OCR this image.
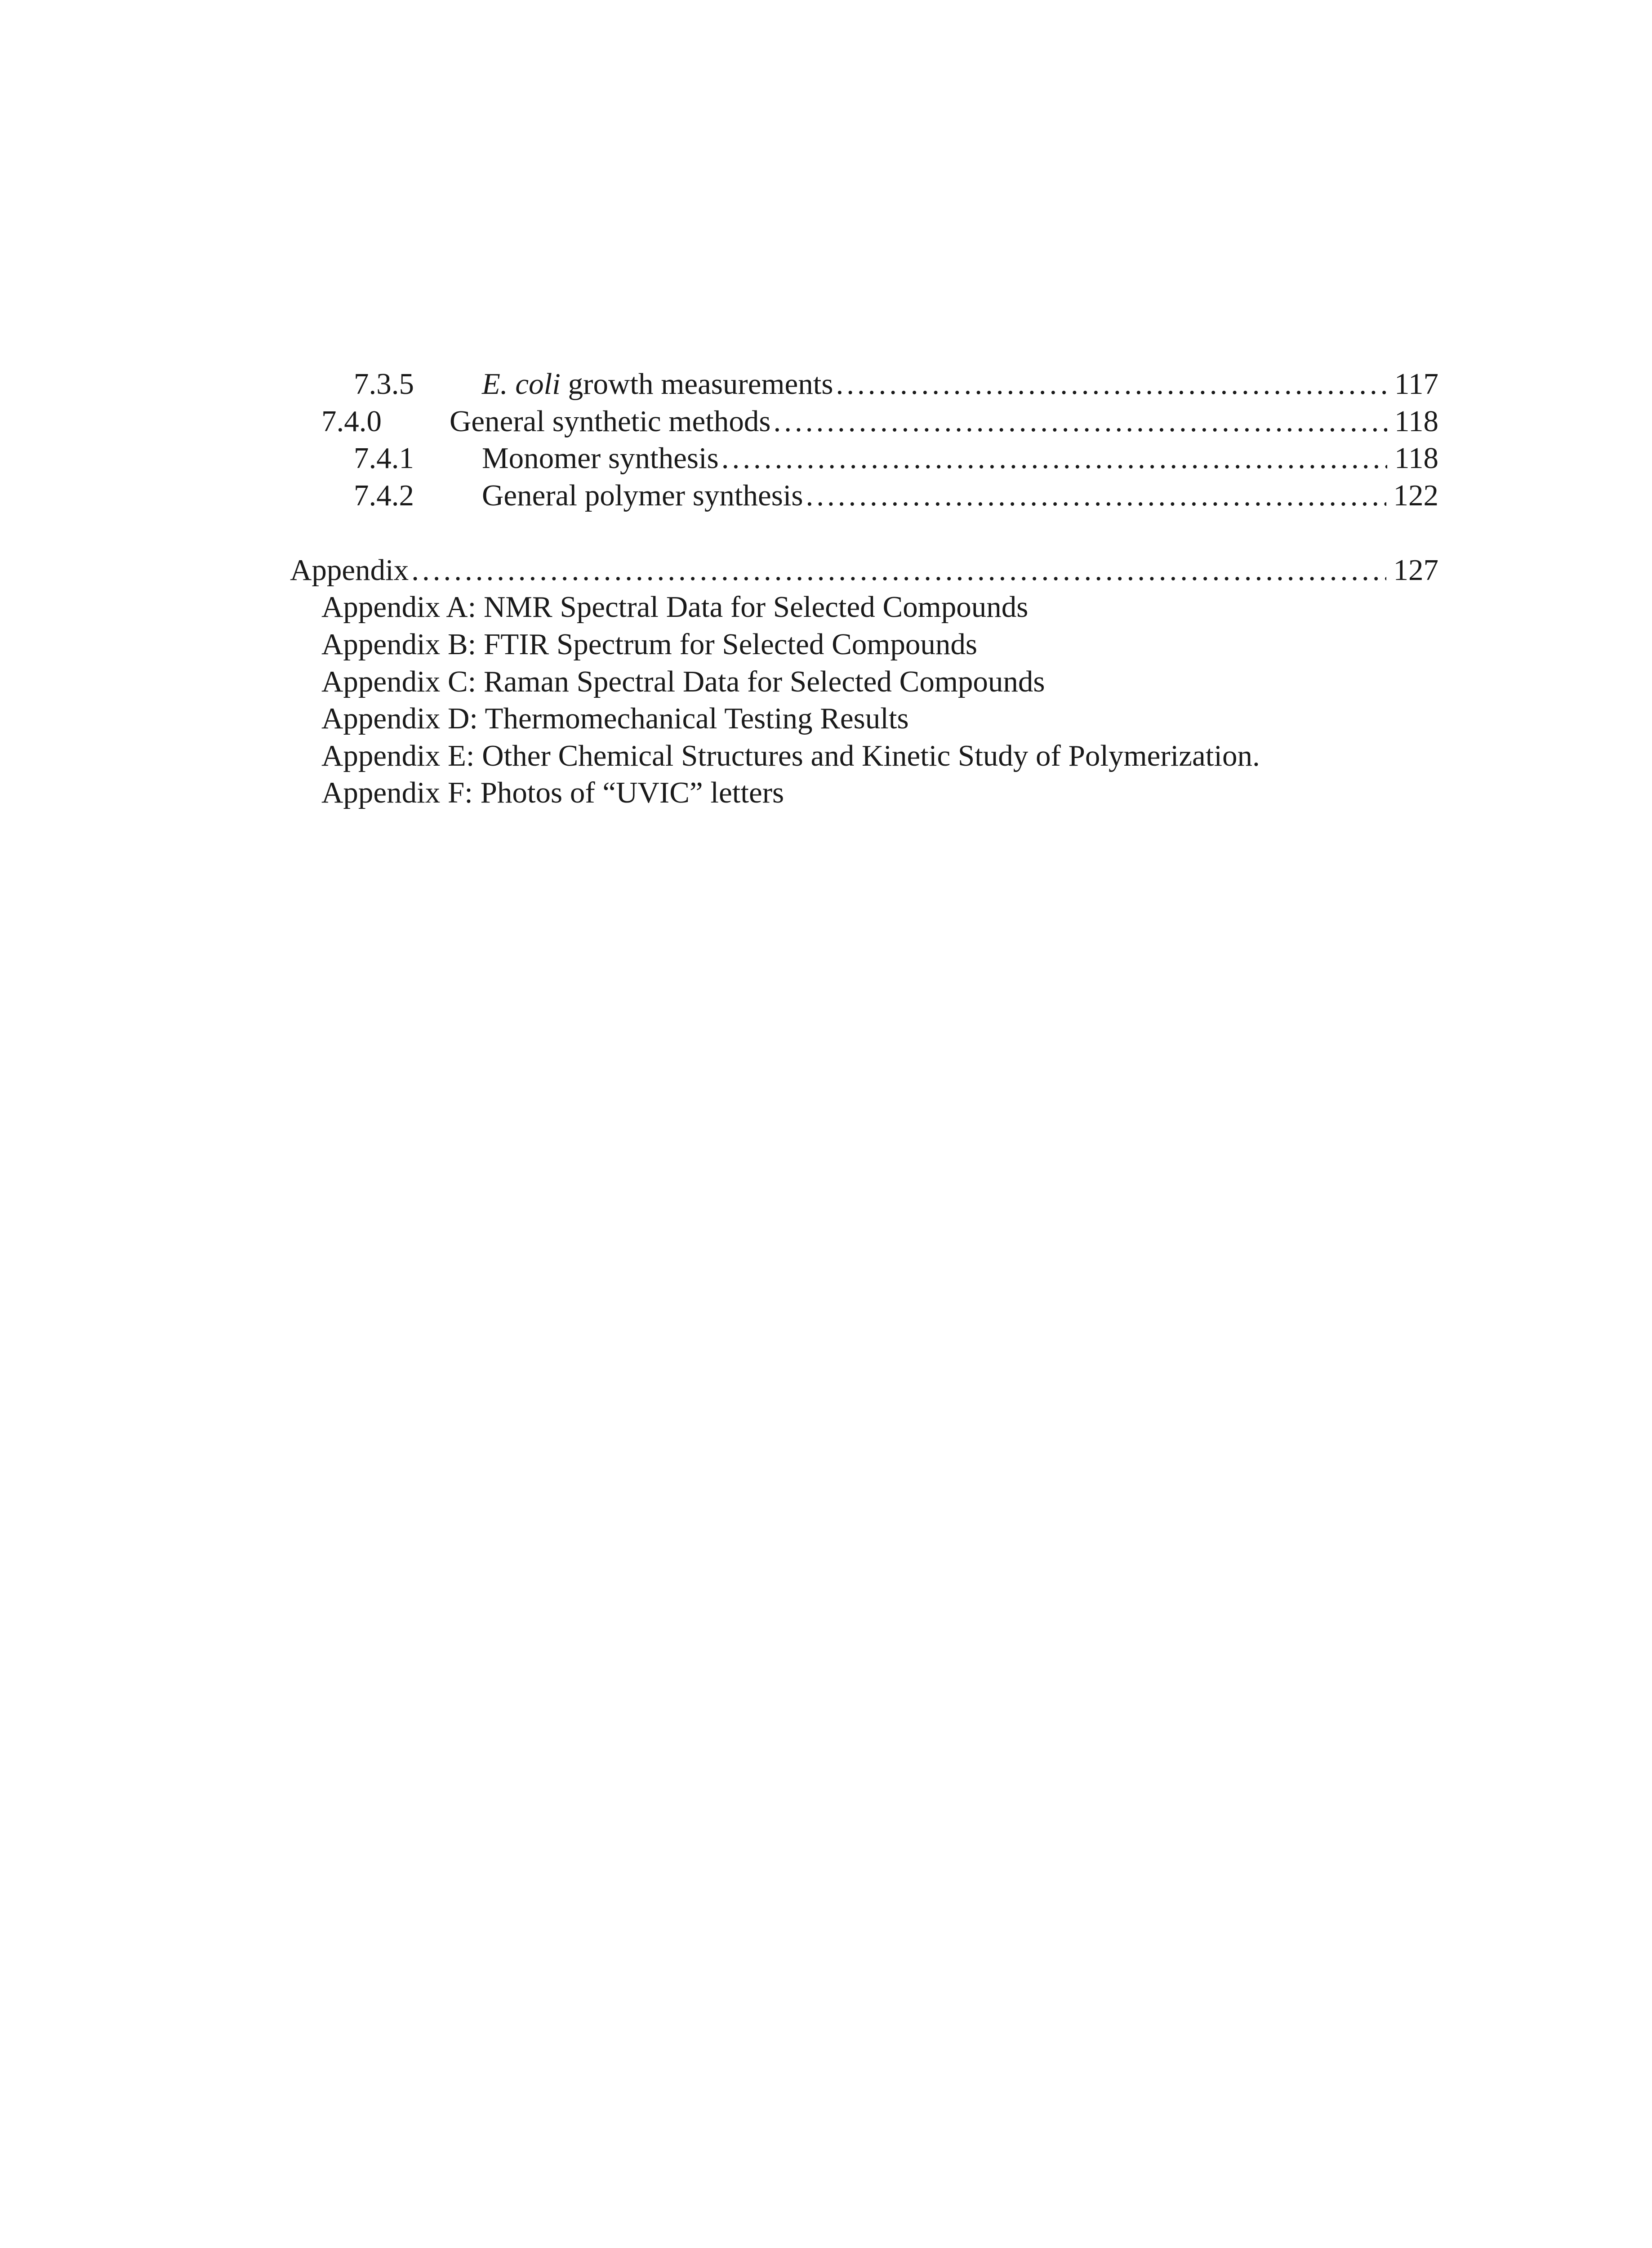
7.3.5 E. coli growth measurements .....	117
7.4.0 General synthetic methods .....	118
7.4.1 Monomer synthesis .....	118
7.4.2 General polymer synthesis .....	122
Appendix .....	127
Appendix A: NMR Spectral Data for Selected Compounds
Appendix B: FTIR Spectrum for Selected Compounds
Appendix C: Raman Spectral Data for Selected Compounds
Appendix D: Thermomechanical Testing Results
Appendix E: Other Chemical Structures and Kinetic Study of Polymerization.
Appendix F: Photos of “UVIC” letters
